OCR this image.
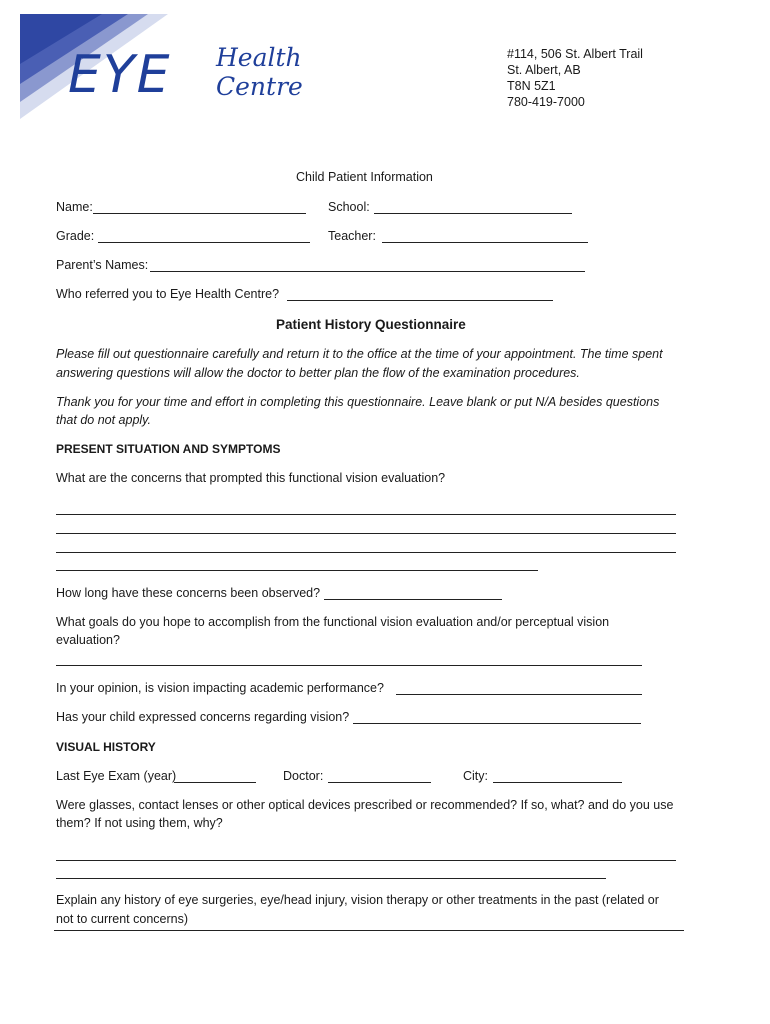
EYE Health
Centre
#114, 506 St. Albert Trail
St. Albert, AB
T8N 5Z1
780-419-7000
Child Patient Information
Name:	School:
Grade:	Teacher:
Parent’s Names:
Who referred you to Eye Health Centre?
Patient History Questionnaire
Please fill out questionnaire carefully and return it to the office at the time of your appointment. The time spent
answering questions will allow the doctor to better plan the flow of the examination procedures.
Thank you for your time and effort in completing this questionnaire. Leave blank or put N/A besides questions
that do not apply.
PRESENT SITUATION AND SYMPTOMS
What are the concerns that prompted this functional vision evaluation?
How long have these concerns been observed?
What goals do you hope to accomplish from the functional vision evaluation and/or perceptual vision
evaluation?
In your opinion, is vision impacting academic performance?
Has your child expressed concerns regarding vision?
VISUAL HISTORY
Last Eye Exam (year)	Doctor:	City:
Were glasses, contact lenses or other optical devices prescribed or recommended? If so, what? and do you use
them? If not using them, why?
Explain any history of eye surgeries, eye/head injury, vision therapy or other treatments in the past (related or
not to current concerns)
